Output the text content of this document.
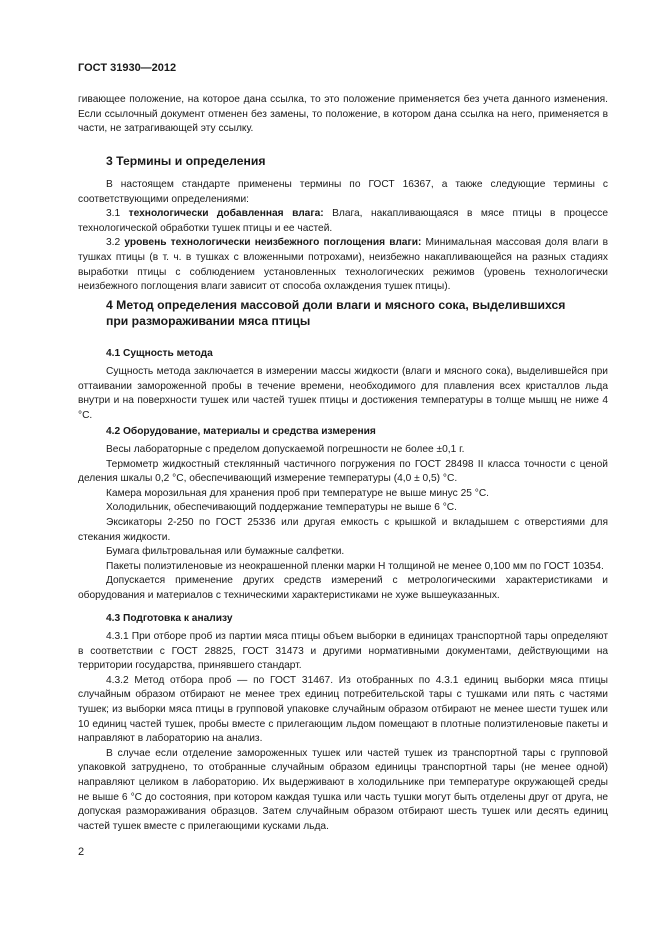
ГОСТ 31930—2012

гивающее положение, на которое дана ссылка, то это положение применяется без учета данного изменения. Если ссылочный документ отменен без замены, то положение, в котором дана ссылка на него, применяется в части, не затрагивающей эту ссылку.

3 Термины и определения

В настоящем стандарте применены термины по ГОСТ 16367, а также следующие термины с соответствующими определениями:

3.1 технологически добавленная влага: Влага, накапливающаяся в мясе птицы в процессе технологической обработки тушек птицы и ее частей.

3.2 уровень технологически неизбежного поглощения влаги: Минимальная массовая доля влаги в тушках птицы (в т. ч. в тушках с вложенными потрохами), неизбежно накапливающейся на разных стадиях выработки птицы с соблюдением установленных технологических режимов (уровень технологически неизбежного поглощения влаги зависит от способа охлаждения тушек птицы).

4 Метод определения массовой доли влаги и мясного сока, выделившихся
при размораживании мяса птицы
4.1 Сущность метода

Сущность метода заключается в измерении массы жидкости (влаги и мясного сока), выделившейся при оттаивании замороженной пробы в течение времени, необходимого для плавления всех кристаллов льда внутри и на поверхности тушек или частей тушек птицы и достижения температуры в толще мышц не ниже 4 °С.

4.2 Оборудование, материалы и средства измерения

Весы лабораторные с пределом допускаемой погрешности не более ±0,1 г.

Термометр жидкостный стеклянный частичного погружения по ГОСТ 28498 II класса точности с ценой деления шкалы 0,2 °С, обеспечивающий измерение температуры (4,0 ± 0,5) °С.

Камера морозильная для хранения проб при температуре не выше минус 25 °С.

Холодильник, обеспечивающий поддержание температуры не выше 6 °С.

Эксикаторы 2-250 по ГОСТ 25336 или другая емкость с крышкой и вкладышем с отверстиями для стекания жидкости.

Бумага фильтровальная или бумажные салфетки.

Пакеты полиэтиленовые из неокрашенной пленки марки Н толщиной не менее 0,100 мм по ГОСТ 10354.

Допускается применение других средств измерений с метрологическими характеристиками и оборудования и материалов с техническими характеристиками не хуже вышеуказанных.

4.3 Подготовка к анализу

4.3.1 При отборе проб из партии мяса птицы объем выборки в единицах транспортной тары определяют в соответствии с ГОСТ 28825, ГОСТ 31473 и другими нормативными документами, действующими на территории государства, принявшего стандарт.

4.3.2 Метод отбора проб — по ГОСТ 31467. Из отобранных по 4.3.1 единиц выборки мяса птицы случайным образом отбирают не менее трех единиц потребительской тары с тушками или пять с частями тушек; из выборки мяса птицы в групповой упаковке случайным образом отбирают не менее шести тушек или 10 единиц частей тушек, пробы вместе с прилегающим льдом помещают в плотные полиэтиленовые пакеты и направляют в лабораторию на анализ.

В случае если отделение замороженных тушек или частей тушек из транспортной тары с групповой упаковкой затруднено, то отобранные случайным образом единицы транспортной тары (не менее одной) направляют целиком в лабораторию. Их выдерживают в холодильнике при температуре окружающей среды не выше 6 °С до состояния, при котором каждая тушка или часть тушки могут быть отделены друг от друга, не допуская размораживания образцов. Затем случайным образом отбирают шесть тушек или десять единиц частей тушек вместе с прилегающими кусками льда.

2
